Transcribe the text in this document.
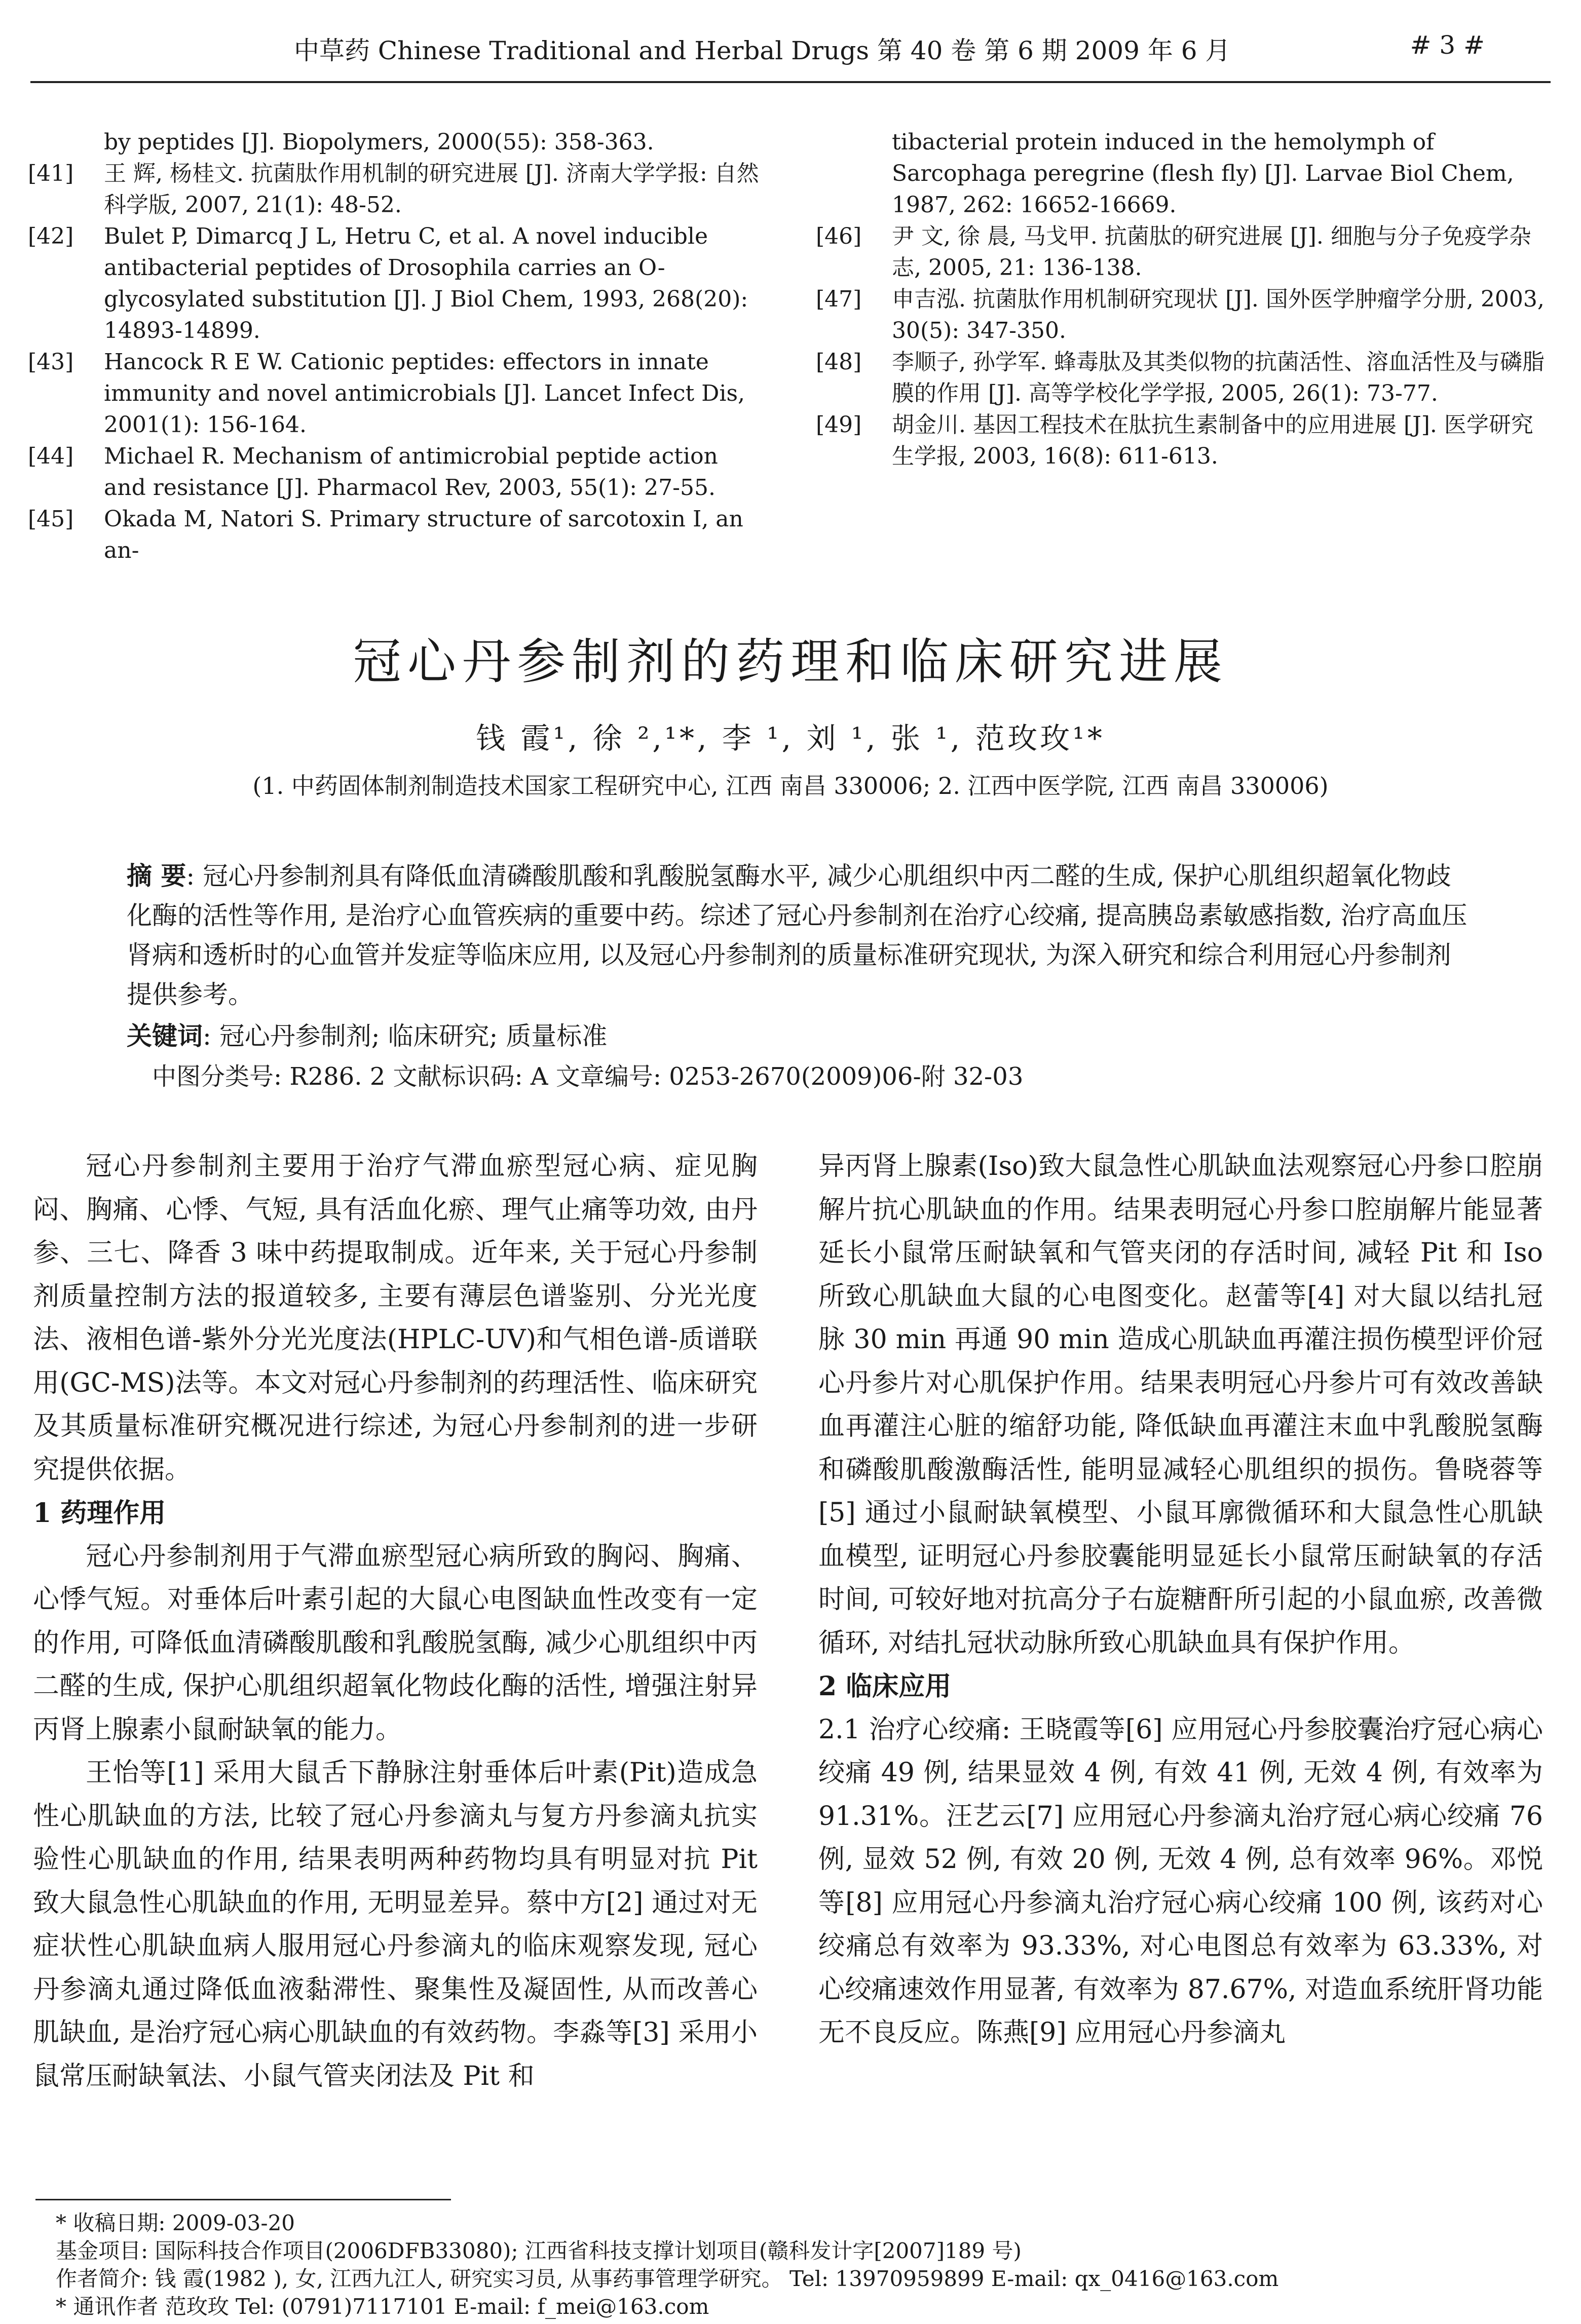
中草药 Chinese Traditional and Herbal Drugs 第 40 卷 第 6 期 2009 年 6 月	# 3 #
by peptides [J]. Biopolymers, 2000(55): 358-363.
[41]	王 辉, 杨桂文. 抗菌肽作用机制的研究进展 [J]. 济南大学学报: 自然科学版, 2007, 21(1): 48-52.
[42]	Bulet P, Dimarcq J L, Hetru C, et al. A novel inducible antibacterial peptides of Drosophila carries an O-glycosylated substitution [J]. J Biol Chem, 1993, 268(20): 14893-14899.
[43]	Hancock R E W. Cationic peptides: effectors in innate immunity and novel antimicrobials [J]. Lancet Infect Dis, 2001(1): 156-164.
[44]	Michael R. Mechanism of antimicrobial peptide action and resistance [J]. Pharmacol Rev, 2003, 55(1): 27-55.
[45]	Okada M, Natori S. Primary structure of sarcotoxin I, an an-
tibacterial protein induced in the hemolymph of Sarcophaga peregrine (flesh fly) [J]. Larvae Biol Chem, 1987, 262: 16652-16669.
[46]	尹 文, 徐 晨, 马戈甲. 抗菌肽的研究进展 [J]. 细胞与分子免疫学杂志, 2005, 21: 136-138.
[47]	申吉泓. 抗菌肽作用机制研究现状 [J]. 国外医学肿瘤学分册, 2003, 30(5): 347-350.
[48]	李顺子, 孙学军. 蜂毒肽及其类似物的抗菌活性、溶血活性及与磷脂膜的作用 [J]. 高等学校化学学报, 2005, 26(1): 73-77.
[49]	胡金川. 基因工程技术在肽抗生素制备中的应用进展 [J]. 医学研究生学报, 2003, 16(8): 611-613.
冠心丹参制剂的药理和临床研究进展
钱 霞¹, 徐 ²,¹*, 李 ¹, 刘 ¹, 张 ¹, 范玫玫¹*
(1. 中药固体制剂制造技术国家工程研究中心, 江西 南昌 330006; 2. 江西中医学院, 江西 南昌 330006)
摘 要: 冠心丹参制剂具有降低血清磷酸肌酸和乳酸脱氢酶水平, 减少心肌组织中丙二醛的生成, 保护心肌组织超氧化物歧化酶的活性等作用, 是治疗心血管疾病的重要中药。综述了冠心丹参制剂在治疗心绞痛, 提高胰岛素敏感指数, 治疗高血压肾病和透析时的心血管并发症等临床应用, 以及冠心丹参制剂的质量标准研究现状, 为深入研究和综合利用冠心丹参制剂提供参考。
关键词: 冠心丹参制剂; 临床研究; 质量标准
中图分类号: R286. 2 文献标识码: A 文章编号: 0253-2670(2009)06-附 32-03

冠心丹参制剂主要用于治疗气滞血瘀型冠心病、症见胸闷、胸痛、心悸、气短, 具有活血化瘀、理气止痛等功效, 由丹参、三七、降香 3 味中药提取制成。近年来, 关于冠心丹参制剂质量控制方法的报道较多, 主要有薄层色谱鉴别、分光光度法、液相色谱-紫外分光光度法(HPLC-UV)和气相色谱-质谱联用(GC-MS)法等。本文对冠心丹参制剂的药理活性、临床研究及其质量标准研究概况进行综述, 为冠心丹参制剂的进一步研究提供依据。

1 药理作用

冠心丹参制剂用于气滞血瘀型冠心病所致的胸闷、胸痛、心悸气短。对垂体后叶素引起的大鼠心电图缺血性改变有一定的作用, 可降低血清磷酸肌酸和乳酸脱氢酶, 减少心肌组织中丙二醛的生成, 保护心肌组织超氧化物歧化酶的活性, 增强注射异丙肾上腺素小鼠耐缺氧的能力。

王怡等[1] 采用大鼠舌下静脉注射垂体后叶素(Pit)造成急性心肌缺血的方法, 比较了冠心丹参滴丸与复方丹参滴丸抗实验性心肌缺血的作用, 结果表明两种药物均具有明显对抗 Pit 致大鼠急性心肌缺血的作用, 无明显差异。蔡中方[2] 通过对无症状性心肌缺血病人服用冠心丹参滴丸的临床观察发现, 冠心丹参滴丸通过降低血液黏滞性、聚集性及凝固性, 从而改善心肌缺血, 是治疗冠心病心肌缺血的有效药物。李淼等[3] 采用小鼠常压耐缺氧法、小鼠气管夹闭法及 Pit 和

异丙肾上腺素(Iso)致大鼠急性心肌缺血法观察冠心丹参口腔崩解片抗心肌缺血的作用。结果表明冠心丹参口腔崩解片能显著延长小鼠常压耐缺氧和气管夹闭的存活时间, 减轻 Pit 和 Iso 所致心肌缺血大鼠的心电图变化。赵蕾等[4] 对大鼠以结扎冠脉 30 min 再通 90 min 造成心肌缺血再灌注损伤模型评价冠心丹参片对心肌保护作用。结果表明冠心丹参片可有效改善缺血再灌注心脏的缩舒功能, 降低缺血再灌注末血中乳酸脱氢酶和磷酸肌酸激酶活性, 能明显减轻心肌组织的损伤。鲁晓蓉等[5] 通过小鼠耐缺氧模型、小鼠耳廓微循环和大鼠急性心肌缺血模型, 证明冠心丹参胶囊能明显延长小鼠常压耐缺氧的存活时间, 可较好地对抗高分子右旋糖酐所引起的小鼠血瘀, 改善微循环, 对结扎冠状动脉所致心肌缺血具有保护作用。

2 临床应用

2.1 治疗心绞痛: 王晓霞等[6] 应用冠心丹参胶囊治疗冠心病心绞痛 49 例, 结果显效 4 例, 有效 41 例, 无效 4 例, 有效率为 91.31%。汪艺云[7] 应用冠心丹参滴丸治疗冠心病心绞痛 76 例, 显效 52 例, 有效 20 例, 无效 4 例, 总有效率 96%。邓悦等[8] 应用冠心丹参滴丸治疗冠心病心绞痛 100 例, 该药对心绞痛总有效率为 93.33%, 对心电图总有效率为 63.33%, 对心绞痛速效作用显著, 有效率为 87.67%, 对造血系统肝肾功能无不良反应。陈燕[9] 应用冠心丹参滴丸

* 收稿日期: 2009-03-20
基金项目: 国际科技合作项目(2006DFB33080); 江西省科技支撑计划项目(赣科发计字[2007]189 号)
作者简介: 钱 霞(1982 ), 女, 江西九江人, 研究实习员, 从事药事管理学研究。 Tel: 13970959899 E-mail: qx_0416@163.com
* 通讯作者 范玫玫 Tel: (0791)7117101 E-mail: f_mei@163.com
